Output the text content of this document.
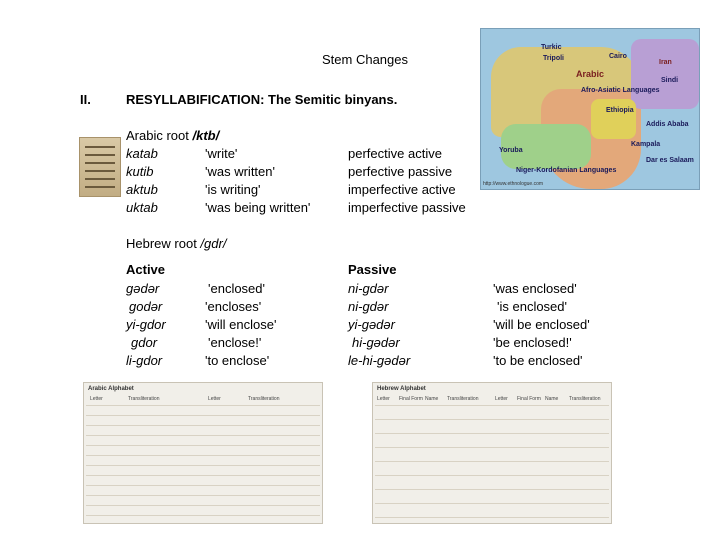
Stem Changes
II.	RESYLLABIFICATION: The Semitic binyans.
Arabic root /ktb/
katab	'write'	perfective active
kutib	'was written'	perfective passive
aktub	'is writing'	imperfective active
uktab	'was being written'	imperfective passive
Turkic
Arabic
Afro-Asiatic Languages
Ethiopia
Yoruba
Kampala
Dar es Salaam
Niger-Kordofanian Languages
Addis Ababa
Tripoli	Cairo
Iran
Sindi
http://www.ethnologue.com
Hebrew root /gdr/
Active	Passive
gədər	'enclosed'	ni-gdər	'was enclosed'
godər	'encloses'	ni-gdər	'is enclosed'
yi-gdor	'will enclose'	yi-gədər	'will be enclosed'
gdor	'enclose!'	hi-gədər	'be enclosed!'
li-gdor	'to enclose'	le-hi-gədər	'to be enclosed'
Arabic Alphabet
Letter	Transliteration	Letter	Transliteration
Hebrew Alphabet
Letter Final Form Name Transliteration	Letter Final Form Name Transliteration
